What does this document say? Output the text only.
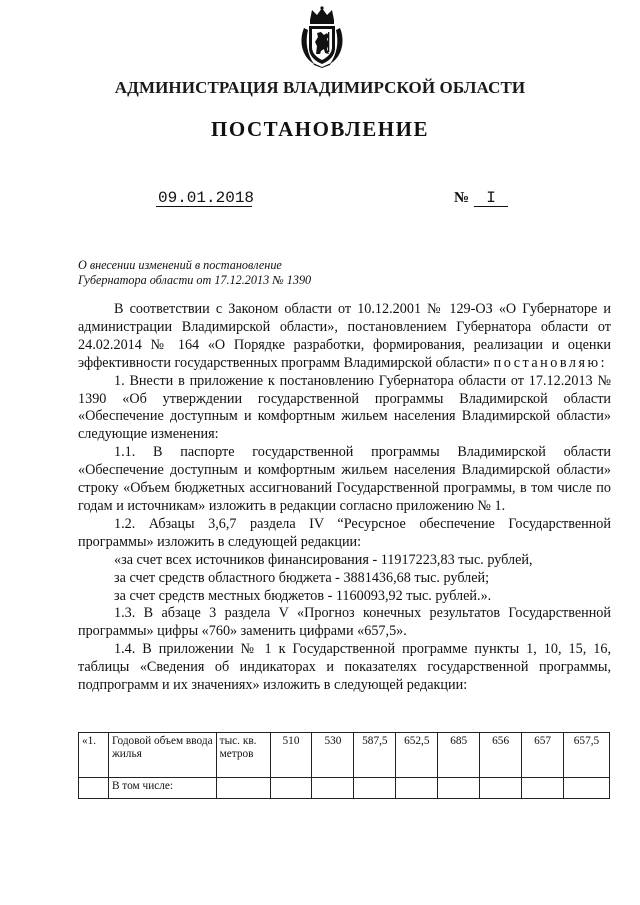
АДМИНИСТРАЦИЯ ВЛАДИМИРСКОЙ ОБЛАСТИ
ПОСТАНОВЛЕНИЕ
09.01.2018	№	I
О внесении изменений в постановление
Губернатора области от 17.12.2013 № 1390

В соответствии с Законом области от 10.12.2001 № 129-ОЗ «О Губернаторе и администрации Владимирской области», постановлением Губернатора области от 24.02.2014 № 164 «О Порядке разработки, формирования, реализации и оценки эффективности государственных программ Владимирской области» постановляю:

1. Внести в приложение к постановлению Губернатора области от 17.12.2013 № 1390 «Об утверждении государственной программы Владимирской области «Обеспечение доступным и комфортным жильем населения Владимирской области» следующие изменения:

1.1. В паспорте государственной программы Владимирской области «Обеспечение доступным и комфортным жильем населения Владимирской области» строку «Объем бюджетных ассигнований Государственной программы, в том числе по годам и источникам» изложить в редакции согласно приложению № 1.

1.2. Абзацы 3,6,7 раздела IV “Ресурсное обеспечение Государственной программы» изложить в следующей редакции:

«за счет всех источников финансирования - 11917223,83 тыс. рублей,

за счет средств областного бюджета - 3881436,68 тыс. рублей;

за счет средств местных бюджетов - 1160093,92 тыс. рублей.».

1.3. В абзаце 3 раздела V «Прогноз конечных результатов Государственной программы» цифры «760» заменить цифрами «657,5».

1.4. В приложении № 1 к Государственной программе пункты 1, 10, 15, 16, таблицы «Сведения об индикаторах и показателях государственной программы, подпрограмм и их значениях» изложить в следующей редакции:

«1.	Годовой объем ввода жилья	тыс. кв. метров	510	530	587,5	652,5	685	656	657	657,5
	В том числе:									
